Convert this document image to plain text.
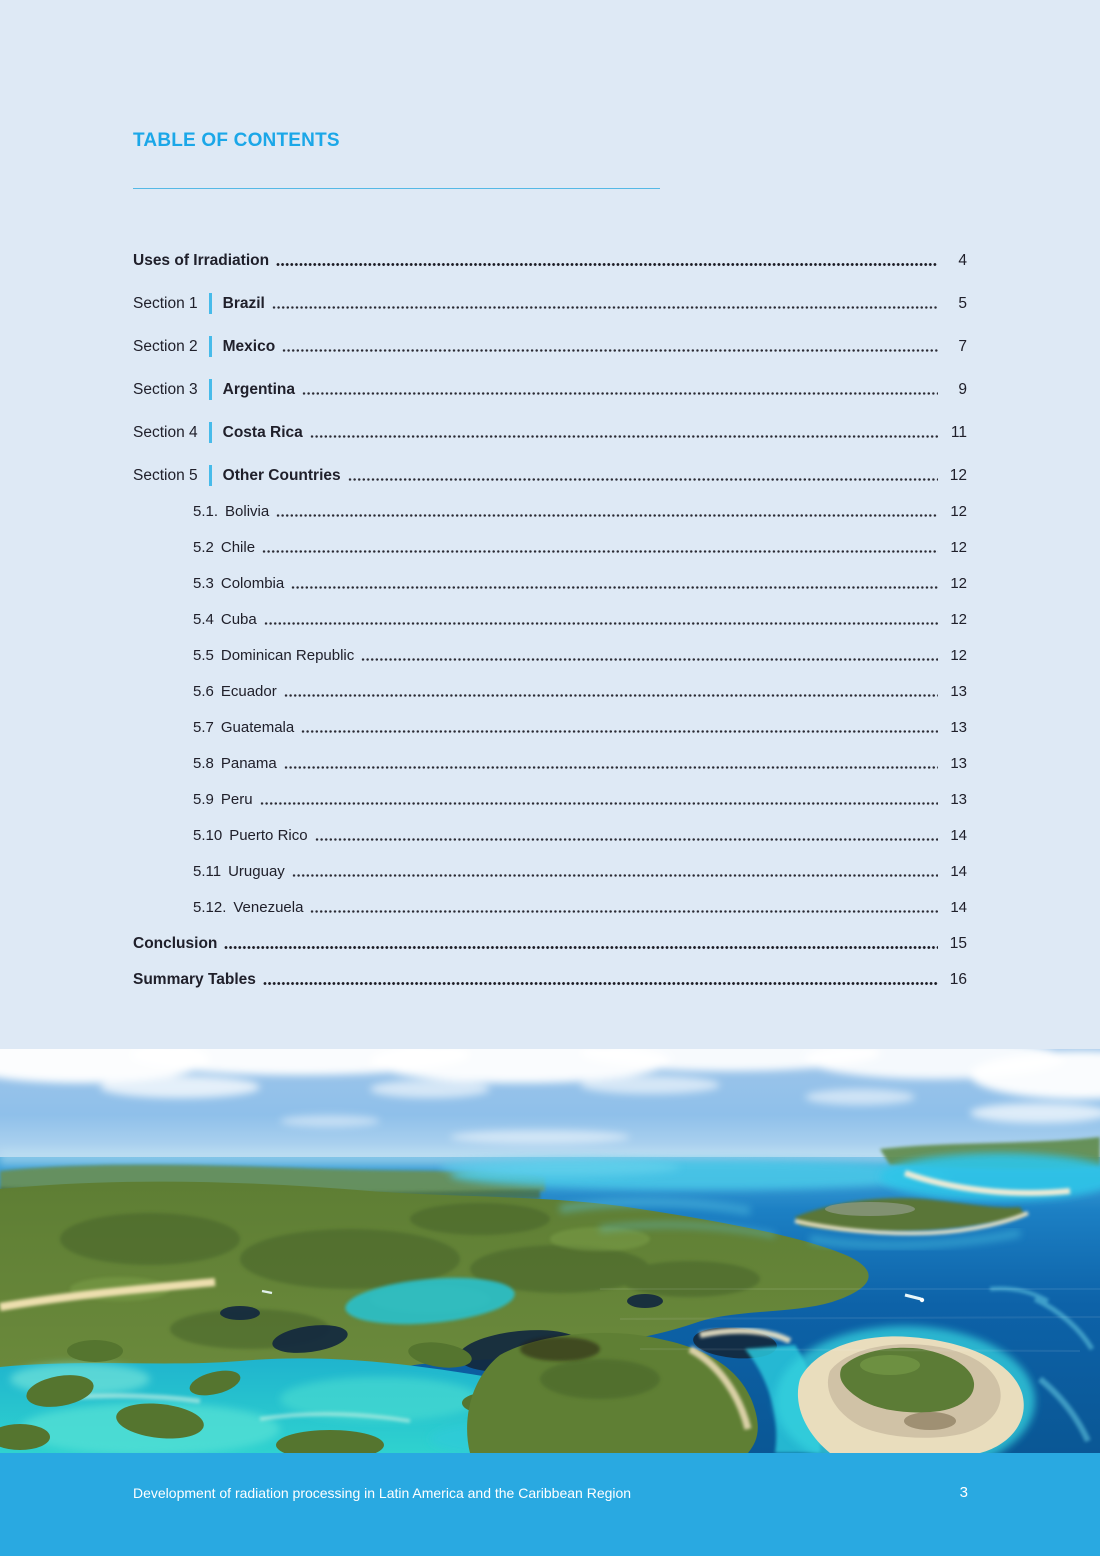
TABLE OF CONTENTS
Uses of Irradiation	4
Section 1 Brazil	5
Section 2 Mexico	7
Section 3 Argentina	9
Section 4 Costa Rica	11
Section 5 Other Countries	12
5.1. Bolivia	12
5.2 Chile	12
5.3 Colombia	12
5.4 Cuba	12
5.5 Dominican Republic	12
5.6 Ecuador	13
5.7 Guatemala	13
5.8 Panama	13
5.9 Peru	13
5.10 Puerto Rico	14
5.11 Uruguay	14
5.12. Venezuela	14
Conclusion	15
Summary Tables	16
Development of radiation processing in Latin America and the Caribbean Region	3
